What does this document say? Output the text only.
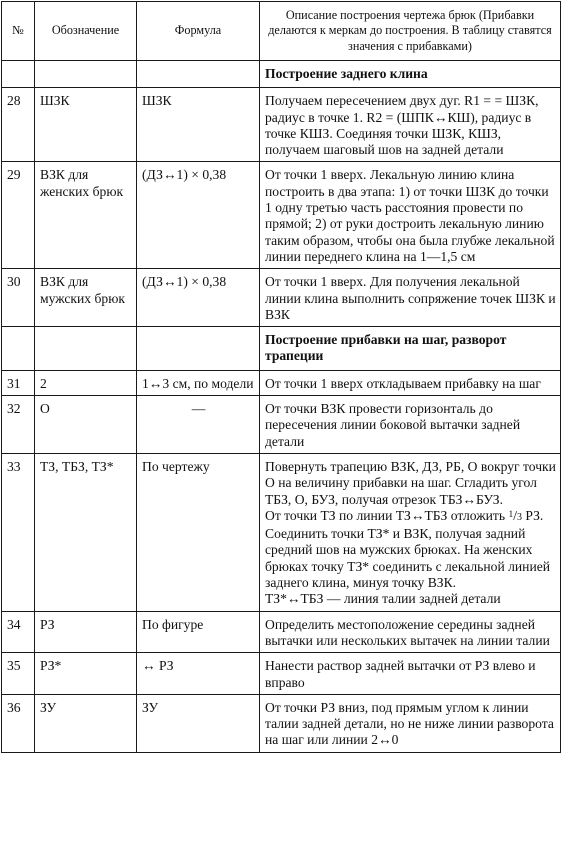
№	Обозначение	Формула	Описание построения чертежа брюк (Прибавки делаются к меркам до построения. В таблицу ставятся значения с прибавками)
			Построение заднего клина
28	ШЗК	ШЗК	Получаем пересечением двух дуг. R1 = = ШЗК, радиус в точке 1. R2 = (ШПК↔КШ), радиус в точке КШЗ. Соединяя точки ШЗК, КШЗ, получаем шаговый шов на задней детали
29	ВЗК для женских брюк	(ДЗ↔1) × 0,38	От точки 1 вверх. Лекальную линию клина построить в два этапа: 1) от точки ШЗК до точки 1 одну третью часть расстояния провести по прямой; 2) от руки достроить лекальную линию таким образом, чтобы она была глубже лекальной линии переднего клина на 1—1,5 см
30	ВЗК для мужских брюк	(ДЗ↔1) × 0,38	От точки 1 вверх. Для получения лекальной линии клина выполнить сопряжение точек ШЗК и ВЗК
			Построение прибавки на шаг, разворот трапеции
31	2	1↔3 см, по модели	От точки 1 вверх откладываем прибавку на шаг
32	О	—	От точки ВЗК провести горизонталь до пересечения линии боковой вытачки задней детали
33	ТЗ, ТБЗ, ТЗ*	По чертежу	Повернуть трапецию ВЗК, ДЗ, РБ, О вокруг точки О на величину прибавки на шаг. Сгладить угол ТБЗ, О, БУЗ, получая отрезок ТБЗ↔БУЗ.
От точки ТЗ по линии ТЗ↔ТБЗ отложить $^1$/3 РЗ. Соединить точки ТЗ* и ВЗК, получая задний средний шов на мужских брюках. На женских брюках точку ТЗ* соединить с лекальной линией заднего клина, минуя точку ВЗК.
ТЗ*↔ТБЗ — линия талии задней детали

34	РЗ	По фигуре	Определить местоположение середины задней вытачки или нескольких вытачек на линии талии
35	РЗ*	↔ РЗ	Нанести раствор задней вытачки от РЗ влево и вправо
36	ЗУ	ЗУ	От точки РЗ вниз, под прямым углом к линии талии задней детали, но не ниже линии разворота на шаг или линии 2↔0
